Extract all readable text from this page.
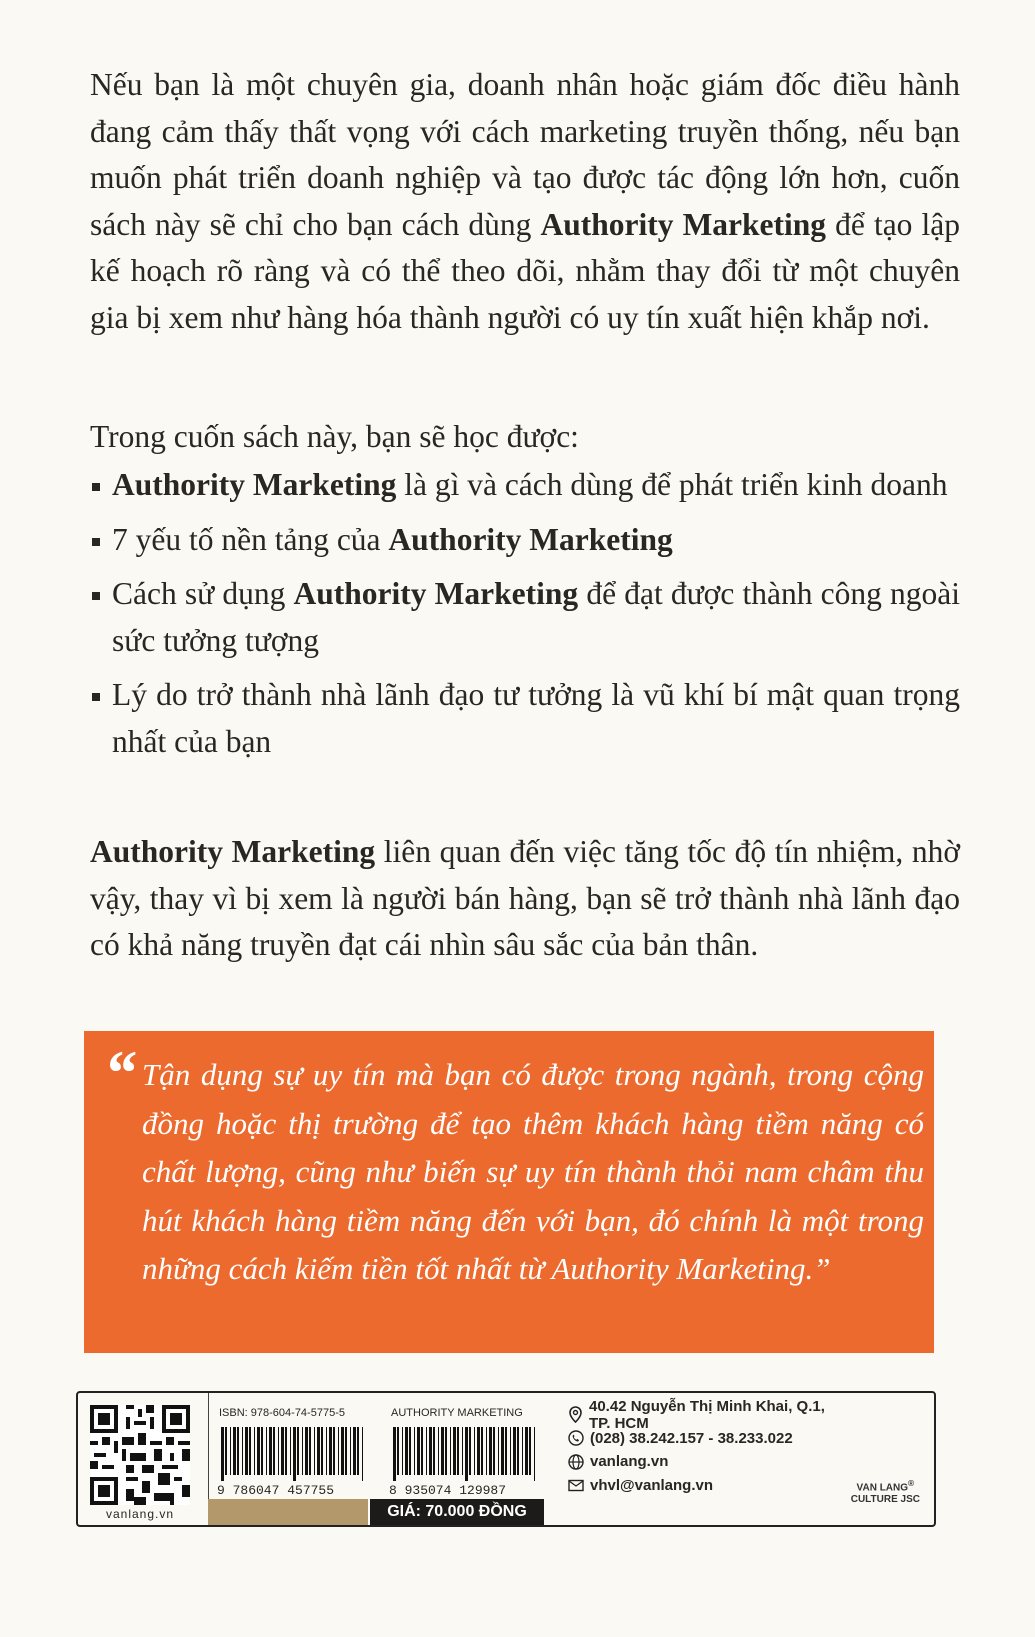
Nếu bạn là một chuyên gia, doanh nhân hoặc giám đốc điều hành đang cảm thấy thất vọng với cách marketing truyền thống, nếu bạn muốn phát triển doanh nghiệp và tạo được tác động lớn hơn, cuốn sách này sẽ chỉ cho bạn cách dùng Authority Marketing để tạo lập kế hoạch rõ ràng và có thể theo dõi, nhằm thay đổi từ một chuyên gia bị xem như hàng hóa thành người có uy tín xuất hiện khắp nơi.

Trong cuốn sách này, bạn sẽ học được:

Authority Marketing là gì và cách dùng để phát triển kinh doanh
7 yếu tố nền tảng của Authority Marketing
Cách sử dụng Authority Marketing để đạt được thành công ngoài sức tưởng tượng
Lý do trở thành nhà lãnh đạo tư tưởng là vũ khí bí mật quan trọng nhất của bạn

Authority Marketing liên quan đến việc tăng tốc độ tín nhiệm, nhờ vậy, thay vì bị xem là người bán hàng, bạn sẽ trở thành nhà lãnh đạo có khả năng truyền đạt cái nhìn sâu sắc của bản thân.

“ Tận dụng sự uy tín mà bạn có được trong ngành, trong cộng đồng hoặc thị trường để tạo thêm khách hàng tiềm năng có chất lượng, cũng như biến sự uy tín thành thỏi nam châm thu hút khách hàng tiềm năng đến với bạn, đó chính là một trong những cách kiếm tiền tốt nhất từ Authority Marketing.”

vanlang.vn
ISBN: 978-604-74-5775-5	AUTHORITY MARKETING
9 786047 457755	8 935074 129987
GIÁ: 70.000 ĐỒNG
40.42 Nguyễn Thị Minh Khai, Q.1, TP. HCM
(028) 38.242.157 - 38.233.022
vanlang.vn
vhvl@vanlang.vn	VAN LANG®
CULTURE JSC
